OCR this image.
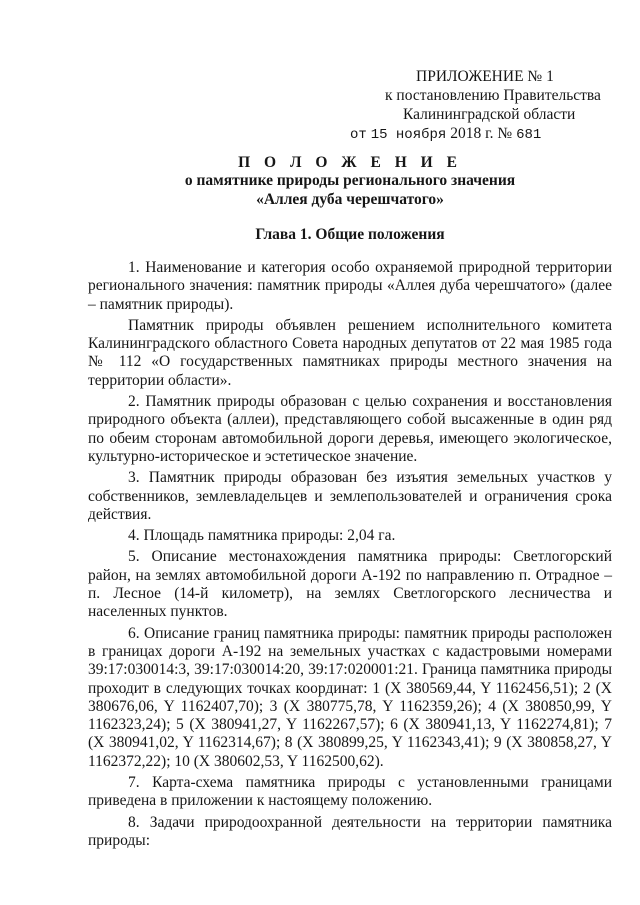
ПРИЛОЖЕНИЕ № 1
к постановлению Правительства
Калининградской области
от 15 ноября 2018 г. № 681
П О Л О Ж Е Н И Е
о памятнике природы регионального значения
«Аллея дуба черешчатого»
Глава 1. Общие положения

1. Наименование и категория особо охраняемой природной территории регионального значения: памятник природы «Аллея дуба черешчатого» (далее – памятник природы).

Памятник природы объявлен решением исполнительного комитета Калининградского областного Совета народных депутатов от 22 мая 1985 года № 112 «О государственных памятниках природы местного значения на территории области».

2. Памятник природы образован с целью сохранения и восстановления природного объекта (аллеи), представляющего собой высаженные в один ряд по обеим сторонам автомобильной дороги деревья, имеющего экологическое, культурно-историческое и эстетическое значение.

3. Памятник природы образован без изъятия земельных участков у собственников, землевладельцев и землепользователей и ограничения срока действия.

4. Площадь памятника природы: 2,04 га.

5. Описание местонахождения памятника природы: Светлогорский район, на землях автомобильной дороги А-192 по направлению п. Отрадное – п. Лесное (14-й километр), на землях Светлогорского лесничества и населенных пунктов.

6. Описание границ памятника природы: памятник природы расположен в границах дороги А-192 на земельных участках с кадастровыми номерами 39:17:030014:3, 39:17:030014:20, 39:17:020001:21. Граница памятника природы проходит в следующих точках координат: 1 (X 380569,44, Y 1162456,51); 2 (X 380676,06, Y 1162407,70); 3 (X 380775,78, Y 1162359,26); 4 (X 380850,99, Y 1162323,24); 5 (X 380941,27, Y 1162267,57); 6 (X 380941,13, Y 1162274,81); 7 (X 380941,02, Y 1162314,67); 8 (X 380899,25, Y 1162343,41); 9 (X 380858,27, Y 1162372,22); 10 (X 380602,53, Y 1162500,62).

7. Карта-схема памятника природы с установленными границами приведена в приложении к настоящему положению.

8. Задачи природоохранной деятельности на территории памятника природы:
